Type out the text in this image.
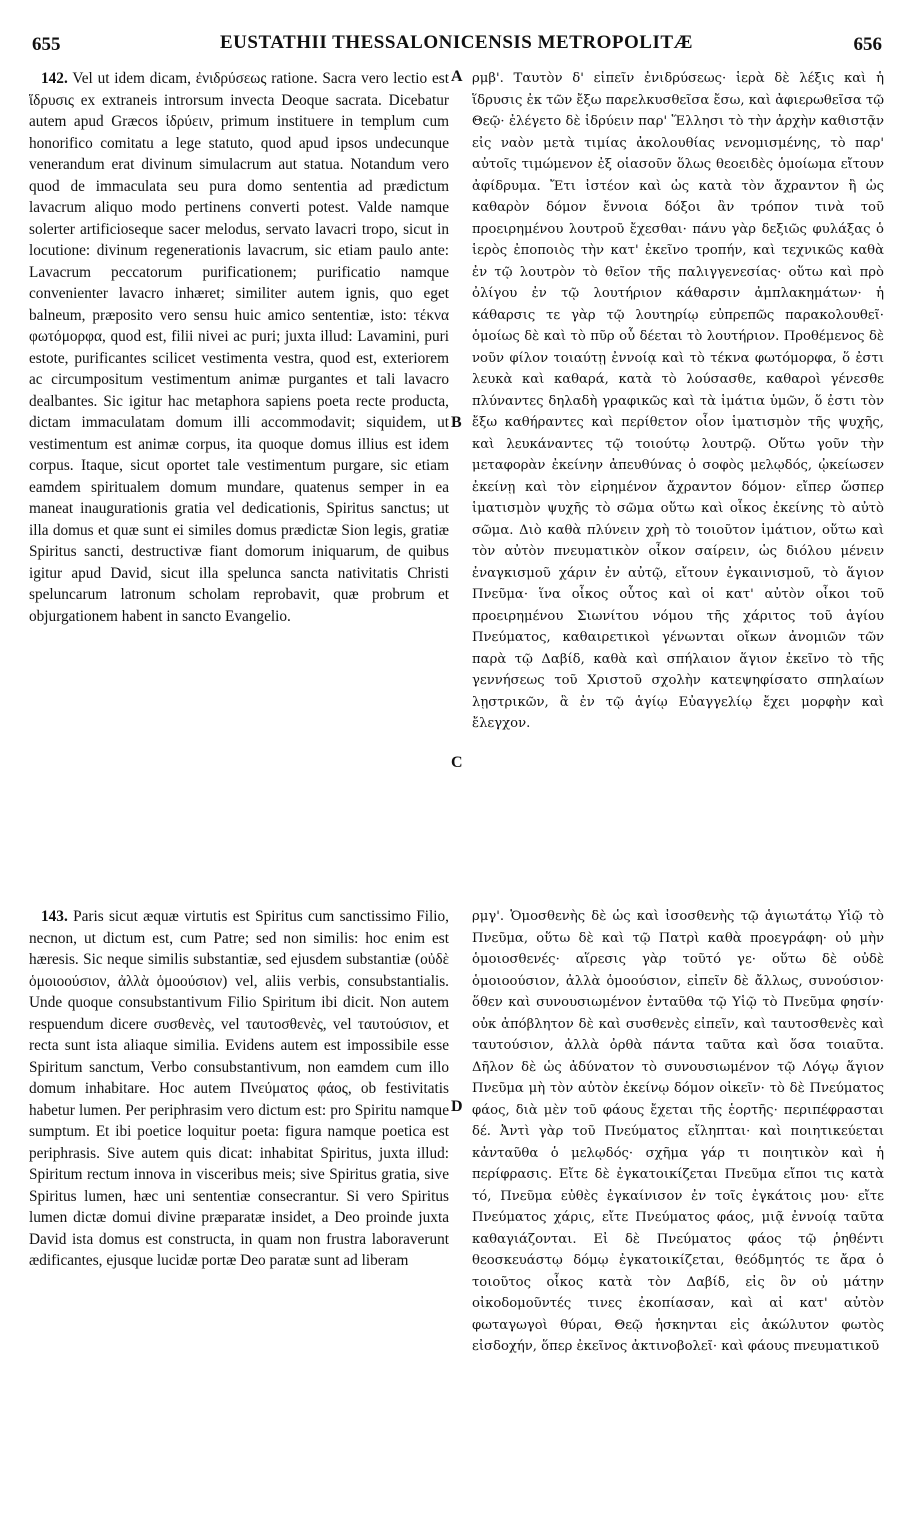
655	EUSTATHII THESSALONICENSIS METROPOLITÆ	656

142. Vel ut idem dicam, ἐνιδρύσεως ratione. Sacra vero lectio est ἵδρυσις ex extraneis introrsum invecta Deoque sacrata. Dicebatur autem apud Græcos ἱδρύειν, primum instituere in templum cum honorifico comitatu a lege statuto, quod apud ipsos undecunque venerandum erat divinum simulacrum aut statua. Notandum vero quod de immaculata seu pura domo sententia ad prædictum lavacrum aliquo modo pertinens converti potest. Valde namque solerter artificioseque sacer melodus, servato lavacri tropo, sicut in locutione: divinum regenerationis lavacrum, sic etiam paulo ante: Lavacrum peccatorum purificationem; purificatio namque convenienter lavacro inhæret; similiter autem ignis, quo eget balneum, præposito vero sensu huic amico sententiæ, isto: τέκνα φωτόμορφα, quod est, filii nivei ac puri; juxta illud: Lavamini, puri estote, purificantes scilicet vestimenta vestra, quod est, exteriorem ac circumpositum vestimentum animæ purgantes et tali lavacro dealbantes. Sic igitur hac metaphora sapiens poeta recte producta, dictam immaculatam domum illi accommodavit; siquidem, ut vestimentum est animæ corpus, ita quoque domus illius est idem corpus. Itaque, sicut oportet tale vestimentum purgare, sic etiam eamdem spiritualem domum mundare, quatenus semper in ea maneat inaugurationis gratia vel dedicationis, Spiritus sanctus; ut illa domus et quæ sunt ei similes domus prædictæ Sion legis, gratiæ Spiritus sancti, destructivæ fiant domorum iniquarum, de quibus igitur apud David, sicut illa spelunca sancta nativitatis Christi speluncarum latronum scholam reprobavit, quæ probrum et objurgationem habent in sancto Evangelio.

ρμβ'. Ταυτὸν δ' εἰπεῖν ἐνιδρύσεως· ἱερὰ δὲ λέξις καὶ ἡ ἵδρυσις ἐκ τῶν ἔξω παρελκυσθεῖσα ἔσω, καὶ ἀφιερωθεῖσα τῷ Θεῷ· ἐλέγετο δὲ ἱδρύειν παρ' Ἕλλησι τὸ τὴν ἀρχὴν καθιστᾷν εἰς ναὸν μετὰ τιμίας ἀκολουθίας νενομισμένης, τὸ παρ' αὐτοῖς τιμώμενον ἐξ οἱασοῦν ὅλως θεοειδὲς ὁμοίωμα εἴτουν ἀφίδρυμα. Ἔτι ἰστέον καὶ ὡς κατὰ τὸν ἄχραντον ἢ ὡς καθαρὸν δόμον ἔννοια δόξοι ἂν τρόπον τινὰ τοῦ προειρημένου λουτροῦ ἔχεσθαι· πάνυ γὰρ δεξιῶς φυλάξας ὁ ἱερὸς ἐποποιὸς τὴν κατ' ἐκεῖνο τροπήν, καὶ τεχνικῶς καθὰ ἐν τῷ λουτρὸν τὸ θεῖον τῆς παλιγγενεσίας· οὕτω καὶ πρὸ ὀλίγου ἐν τῷ λουτήριον κάθαρσιν ἀμπλακημάτων· ἡ κάθαρσις τε γὰρ τῷ λουτηρίῳ εὐπρεπῶς παρακολουθεῖ· ὁμοίως δὲ καὶ τὸ πῦρ οὗ δέεται τὸ λουτήριον. Προθέμενος δὲ νοῦν φίλον τοιαύτῃ ἐννοίᾳ καὶ τὸ τέκνα φωτόμορφα, ὅ ἐστι λευκὰ καὶ καθαρά, κατὰ τὸ λούσασθε, καθαροὶ γένεσθε πλύναντες δηλαδὴ γραφικῶς καὶ τὰ ἱμάτια ὑμῶν, ὅ ἐστι τὸν ἔξω καθήραντες καὶ περίθετον οἷον ἱματισμὸν τῆς ψυχῆς, καὶ λευκάναντες τῷ τοιούτῳ λουτρῷ. Οὕτω γοῦν τὴν μεταφορὰν ἐκείνην ἀπευθύνας ὁ σοφὸς μελῳδός, ᾠκείωσεν ἐκείνῃ καὶ τὸν εἰρημένον ἄχραντον δόμον· εἴπερ ὥσπερ ἱματισμὸν ψυχῆς τὸ σῶμα οὕτω καὶ οἶκος ἐκείνης τὸ αὐτὸ σῶμα. Διὸ καθὰ πλύνειν χρὴ τὸ τοιοῦτον ἱμάτιον, οὕτω καὶ τὸν αὐτὸν πνευματικὸν οἶκον σαίρειν, ὡς διόλου μένειν ἐναγκισμοῦ χάριν ἐν αὐτῷ, εἴτουν ἐγκαινισμοῦ, τὸ ἅγιον Πνεῦμα· ἵνα οἶκος οὗτος καὶ οἱ κατ' αὐτὸν οἶκοι τοῦ προειρημένου Σιωνίτου νόμου τῆς χάριτος τοῦ ἁγίου Πνεύματος, καθαιρετικοὶ γένωνται οἴκων ἀνομιῶν τῶν παρὰ τῷ Δαβίδ, καθὰ καὶ σπήλαιον ἅγιον ἐκεῖνο τὸ τῆς γεννήσεως τοῦ Χριστοῦ σχολὴν κατεψηφίσατο σπηλαίων λῃστρικῶν, ἃ ἐν τῷ ἁγίῳ Εὐαγγελίῳ ἔχει μορφὴν καὶ ἔλεγχον.

143. Paris sicut æquæ virtutis est Spiritus cum sanctissimo Filio, necnon, ut dictum est, cum Patre; sed non similis: hoc enim est hæresis. Sic neque similis substantiæ, sed ejusdem substantiæ (οὐδὲ ὁμοιοούσιον, ἀλλὰ ὁμοούσιον) vel, aliis verbis, consubstantialis. Unde quoque consubstantivum Filio Spiritum ibi dicit. Non autem respuendum dicere συσθενὲς, vel ταυτοσθενὲς, vel ταυτούσιον, et recta sunt ista aliaque similia. Evidens autem est impossibile esse Spiritum sanctum, Verbo consubstantivum, non eamdem cum illo domum inhabitare. Hoc autem Πνεύματος φάος, ob festivitatis habetur lumen. Per periphrasim vero dictum est: pro Spiritu namque sumptum. Et ibi poetice loquitur poeta: figura namque poetica est periphrasis. Sive autem quis dicat: inhabitat Spiritus, juxta illud: Spiritum rectum innova in visceribus meis; sive Spiritus gratia, sive Spiritus lumen, hæc uni sententiæ consecrantur. Si vero Spiritus lumen dictæ domui divine præparatæ insidet, a Deo proinde juxta David ista domus est constructa, in quam non frustra laboraverunt ædificantes, ejusque lucidæ portæ Deo paratæ sunt ad liberam

ρμγ'. Ὁμοσθενὴς δὲ ὡς καὶ ἰσοσθενὴς τῷ ἁγιωτάτῳ Υἱῷ τὸ Πνεῦμα, οὕτω δὲ καὶ τῷ Πατρὶ καθὰ προεγράφη· οὐ μὴν ὁμοιοσθενές· αἵρεσις γὰρ τοῦτό γε· οὕτω δὲ οὐδὲ ὁμοιοούσιον, ἀλλὰ ὁμοούσιον, εἰπεῖν δὲ ἄλλως, συνούσιον· ὅθεν καὶ συνουσιωμένον ἐνταῦθα τῷ Υἱῷ τὸ Πνεῦμα φησίν· οὐκ ἀπόβλητον δὲ καὶ συσθενὲς εἰπεῖν, καὶ ταυτοσθενὲς καὶ ταυτούσιον, ἀλλὰ ὀρθὰ πάντα ταῦτα καὶ ὅσα τοιαῦτα. Δῆλον δὲ ὡς ἀδύνατον τὸ συνουσιωμένον τῷ Λόγῳ ἅγιον Πνεῦμα μὴ τὸν αὐτὸν ἐκείνῳ δόμον οἰκεῖν· τὸ δὲ Πνεύματος φάος, διὰ μὲν τοῦ φάους ἔχεται τῆς ἑορτῆς· περιπέφρασται δέ. Ἀντὶ γὰρ τοῦ Πνεύματος εἴληπται· καὶ ποιητικεύεται κἀνταῦθα ὁ μελῳδός· σχῆμα γάρ τι ποιητικὸν καὶ ἡ περίφρασις. Εἴτε δὲ ἐγκατοικίζεται Πνεῦμα εἴποι τις κατὰ τό, Πνεῦμα εὐθὲς ἐγκαίνισον ἐν τοῖς ἐγκάτοις μου· εἴτε Πνεύματος χάρις, εἴτε Πνεύματος φάος, μιᾷ ἐννοίᾳ ταῦτα καθαγιάζονται. Εἰ δὲ Πνεύματος φάος τῷ ῥηθέντι θεοσκευάστῳ δόμῳ ἐγκατοικίζεται, θεόδμητός τε ἄρα ὁ τοιοῦτος οἶκος κατὰ τὸν Δαβίδ, εἰς ὃν οὐ μάτην οἰκοδομοῦντές τινες ἐκοπίασαν, καὶ αἱ κατ' αὐτὸν φωταγωγοὶ θύραι, Θεῷ ἡσκηνται εἰς ἀκώλυτον φωτὸς εἰσδοχήν, ὅπερ ἐκεῖνος ἀκτινοβολεῖ· καὶ φάους πνευματικοῦ

A
B
C
D
